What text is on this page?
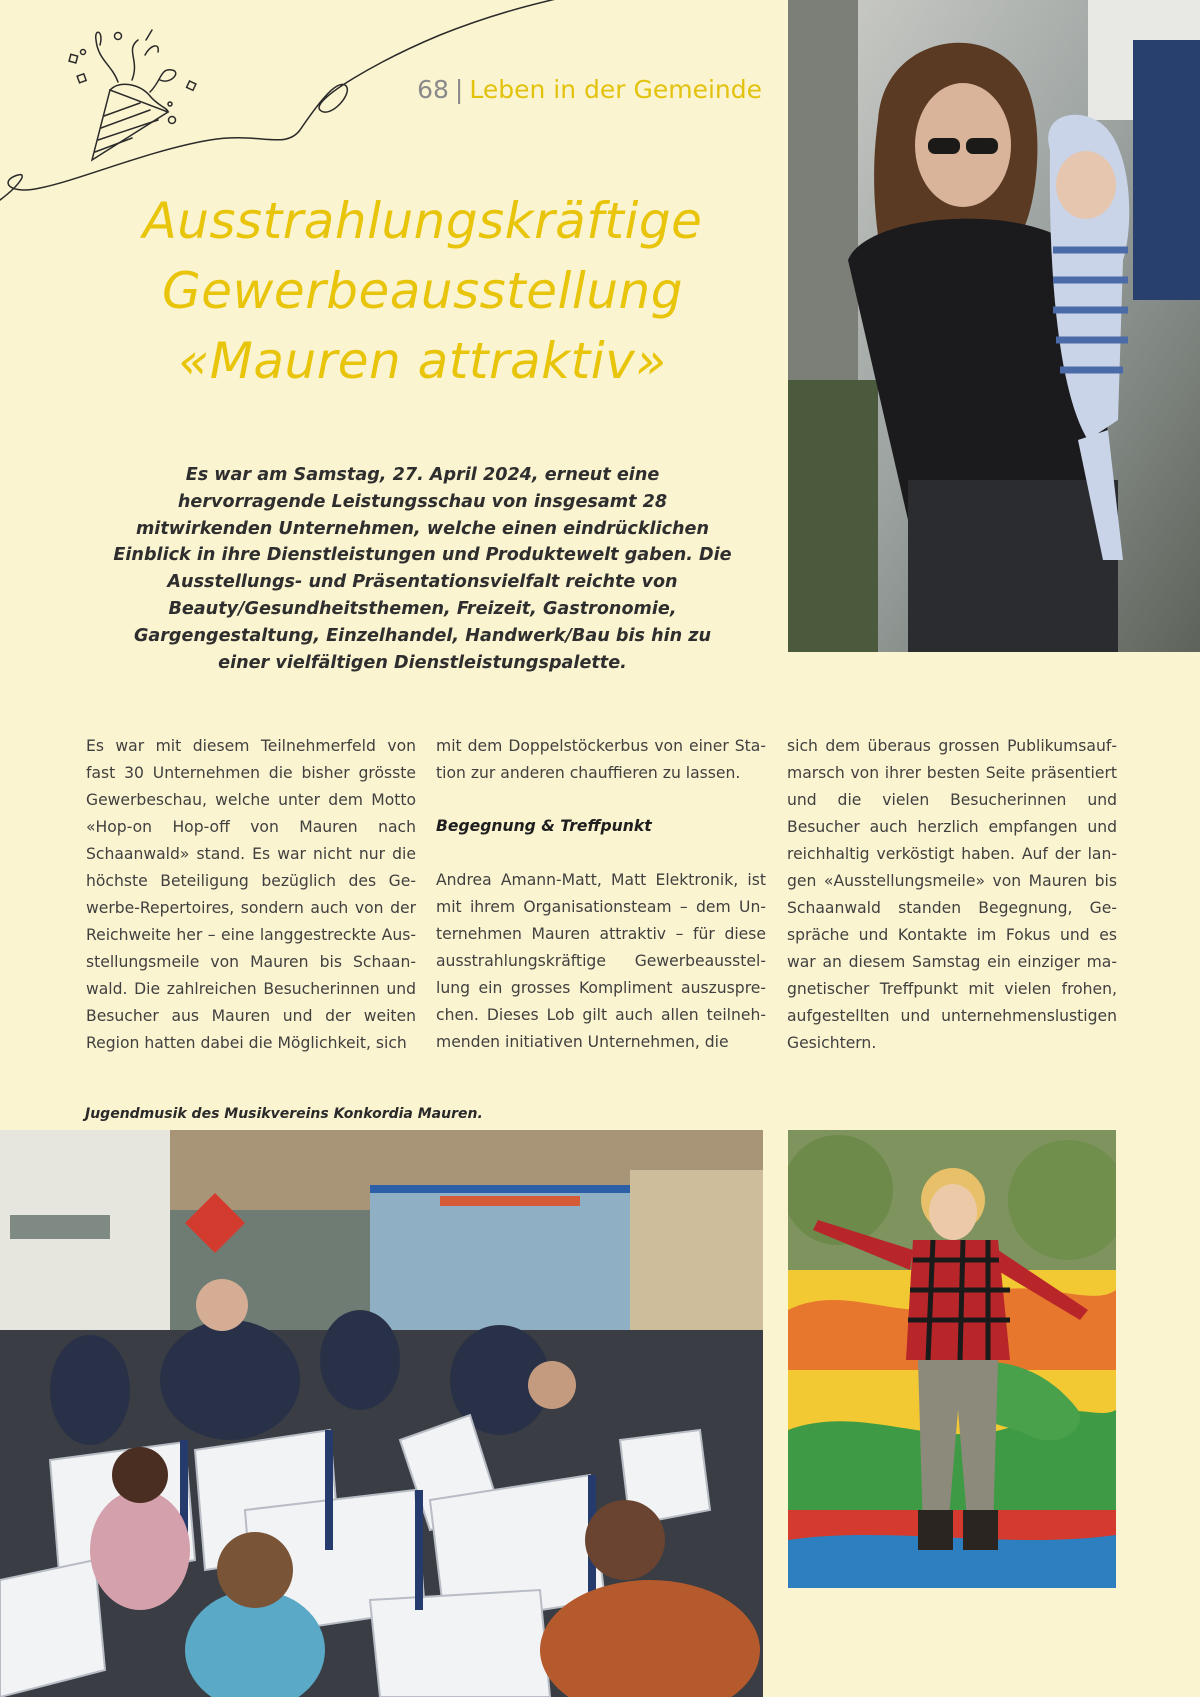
68 | Leben in der Gemeinde
Ausstrahlungskräftige
Gewerbeausstellung
«Mauren attraktiv»

Es war am Samstag, 27. April 2024, erneut eine hervorragende Leistungsschau von insgesamt 28 mitwirkenden Unternehmen, welche einen eindrücklichen Einblick in ihre Dienstleistungen und Produktewelt gaben. Die Ausstellungs- und Präsentationsvielfalt reichte von Beauty/Gesundheitsthemen, Freizeit, Gastronomie, Gargengestaltung, Einzelhandel, Handwerk/Bau bis hin zu einer vielfältigen Dienstleistungspalette.

Es war mit diesem Teilnehmerfeld von fast 30 Unternehmen die bisher grösste Gewerbeschau, welche unter dem Motto «Hop-on Hop-off von Mauren nach Schaanwald» stand. Es war nicht nur die höchste Beteiligung bezüglich des Gewerbe-Repertoires, sondern auch von der Reichweite her – eine langgestreckte Ausstellungsmeile von Mauren bis Schaanwald. Die zahlreichen Besucherinnen und Besucher aus Mauren und der weiten Region hatten dabei die Möglichkeit, sich

mit dem Doppelstöckerbus von einer Station zur anderen chauffieren zu lassen.

Begegnung & Treffpunkt

Andrea Amann-Matt, Matt Elektronik, ist mit ihrem Organisationsteam – dem Unternehmen Mauren attraktiv – für diese ausstrahlungskräftige Gewerbeausstellung ein grosses Kompliment auszusprechen. Dieses Lob gilt auch allen teilnehmenden initiativen Unternehmen, die

sich dem überaus grossen Publikumsaufmarsch von ihrer besten Seite präsentiert und die vielen Besucherinnen und Besucher auch herzlich empfangen und reichhaltig verköstigt haben. Auf der langen «Ausstellungsmeile» von Mauren bis Schaanwald standen Begegnung, Gespräche und Kontakte im Fokus und es war an diesem Samstag ein einziger magnetischer Treffpunkt mit vielen frohen, aufgestellten und unternehmenslustigen Gesichtern.

Jugendmusik des Musikvereins Konkordia Mauren.
